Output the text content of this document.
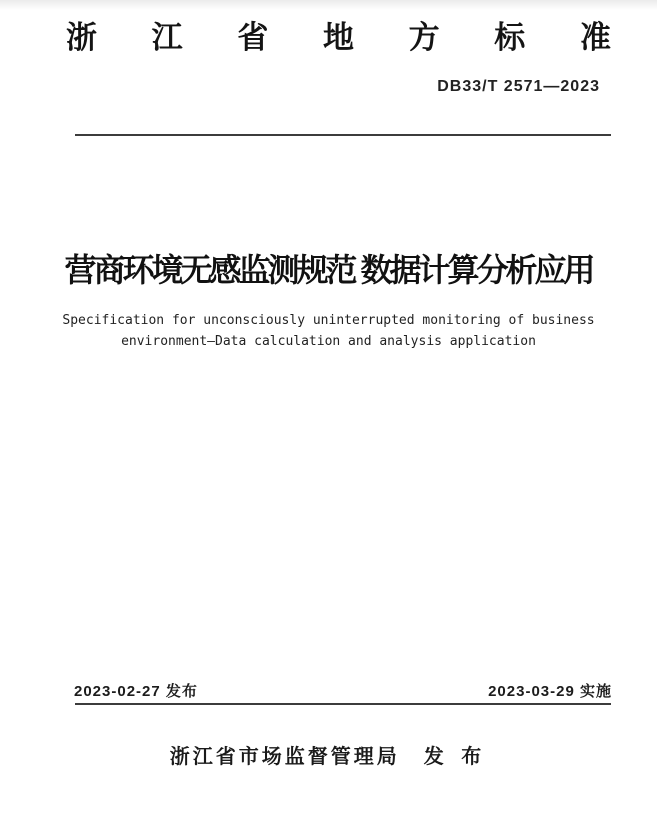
浙 江 省 地 方 标 准
DB33/T 2571—2023
营商环境无感监测规范 数据计算分析应用
Specification for unconsciously uninterrupted monitoring of business
environment—Data calculation and analysis application
2023-02-27 发布	2023-03-29 实施
浙江省市场监督管理局 发 布
